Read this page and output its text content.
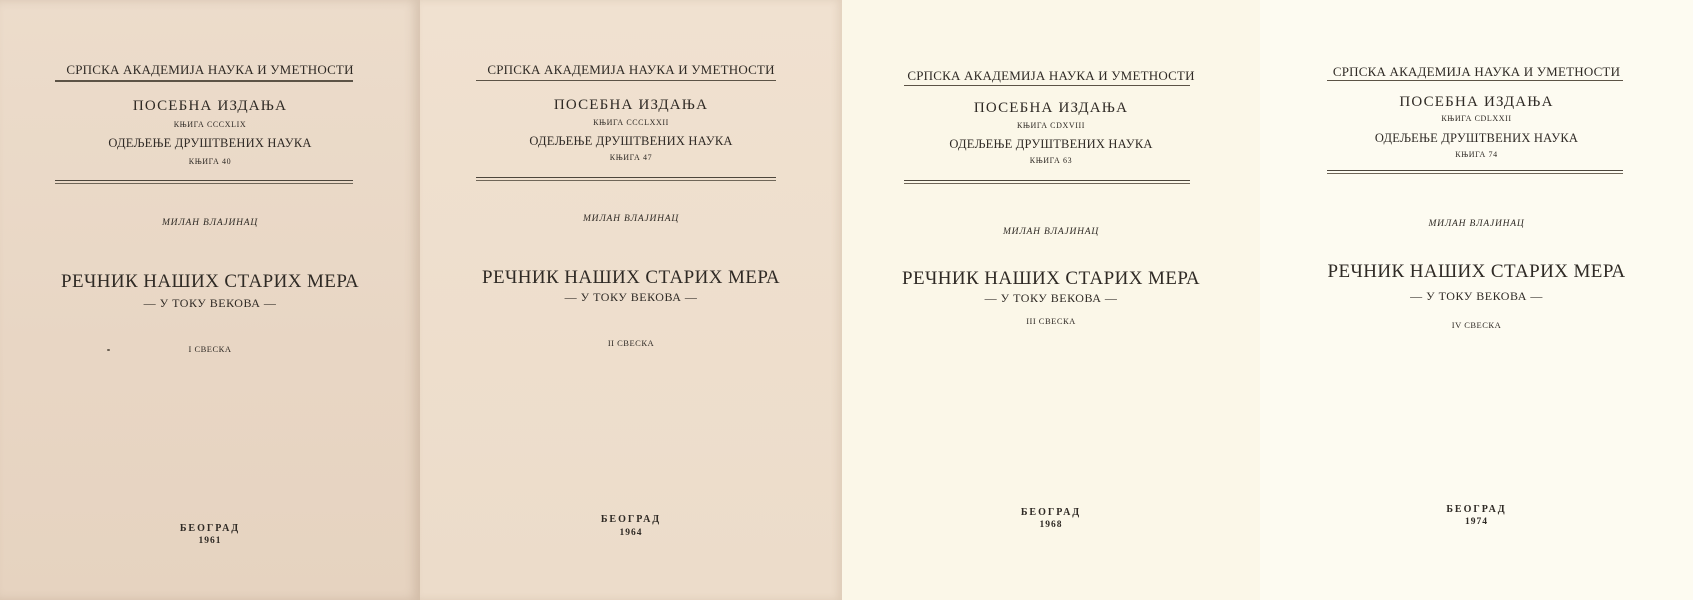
СРПСКА АКАДЕМИЈА НАУКА И УМЕТНОСТИ
ПОСЕБНА ИЗДАЊА
КЊИГА CCCXLIX
ОДЕЉЕЊЕ ДРУШТВЕНИХ НАУКА
КЊИГА 40
МИЛАН ВЛАЈИНАЦ
РЕЧНИК НАШИХ СТАРИХ МЕРА
— У ТОКУ ВЕКОВА —
I СВЕСКА
БЕОГРАД
1961
СРПСКА АКАДЕМИЈА НАУКА И УМЕТНОСТИ
ПОСЕБНА ИЗДАЊА
КЊИГА CCCLXXII
ОДЕЉЕЊЕ ДРУШТВЕНИХ НАУКА
КЊИГА 47
МИЛАН ВЛАЈИНАЦ
РЕЧНИК НАШИХ СТАРИХ МЕРА
— У ТОКУ ВЕКОВА —
II СВЕСКА
БЕОГРАД
1964
СРПСКА АКАДЕМИЈА НАУКА И УМЕТНОСТИ
ПОСЕБНА ИЗДАЊА
КЊИГА CDXVIII
ОДЕЉЕЊЕ ДРУШТВЕНИХ НАУКА
КЊИГА 63
МИЛАН ВЛАЈИНАЦ
РЕЧНИК НАШИХ СТАРИХ МЕРА
— У ТОКУ ВЕКОВА —
III СВЕСКА
БЕОГРАД
1968
СРПСКА АКАДЕМИЈА НАУКА И УМЕТНОСТИ
ПОСЕБНА ИЗДАЊА
КЊИГА CDLXXII
ОДЕЉЕЊЕ ДРУШТВЕНИХ НАУКА
КЊИГА 74
МИЛАН ВЛАЈИНАЦ
РЕЧНИК НАШИХ СТАРИХ МЕРА
— У ТОКУ ВЕКОВА —
IV СВЕСКА
БЕОГРАД
1974
